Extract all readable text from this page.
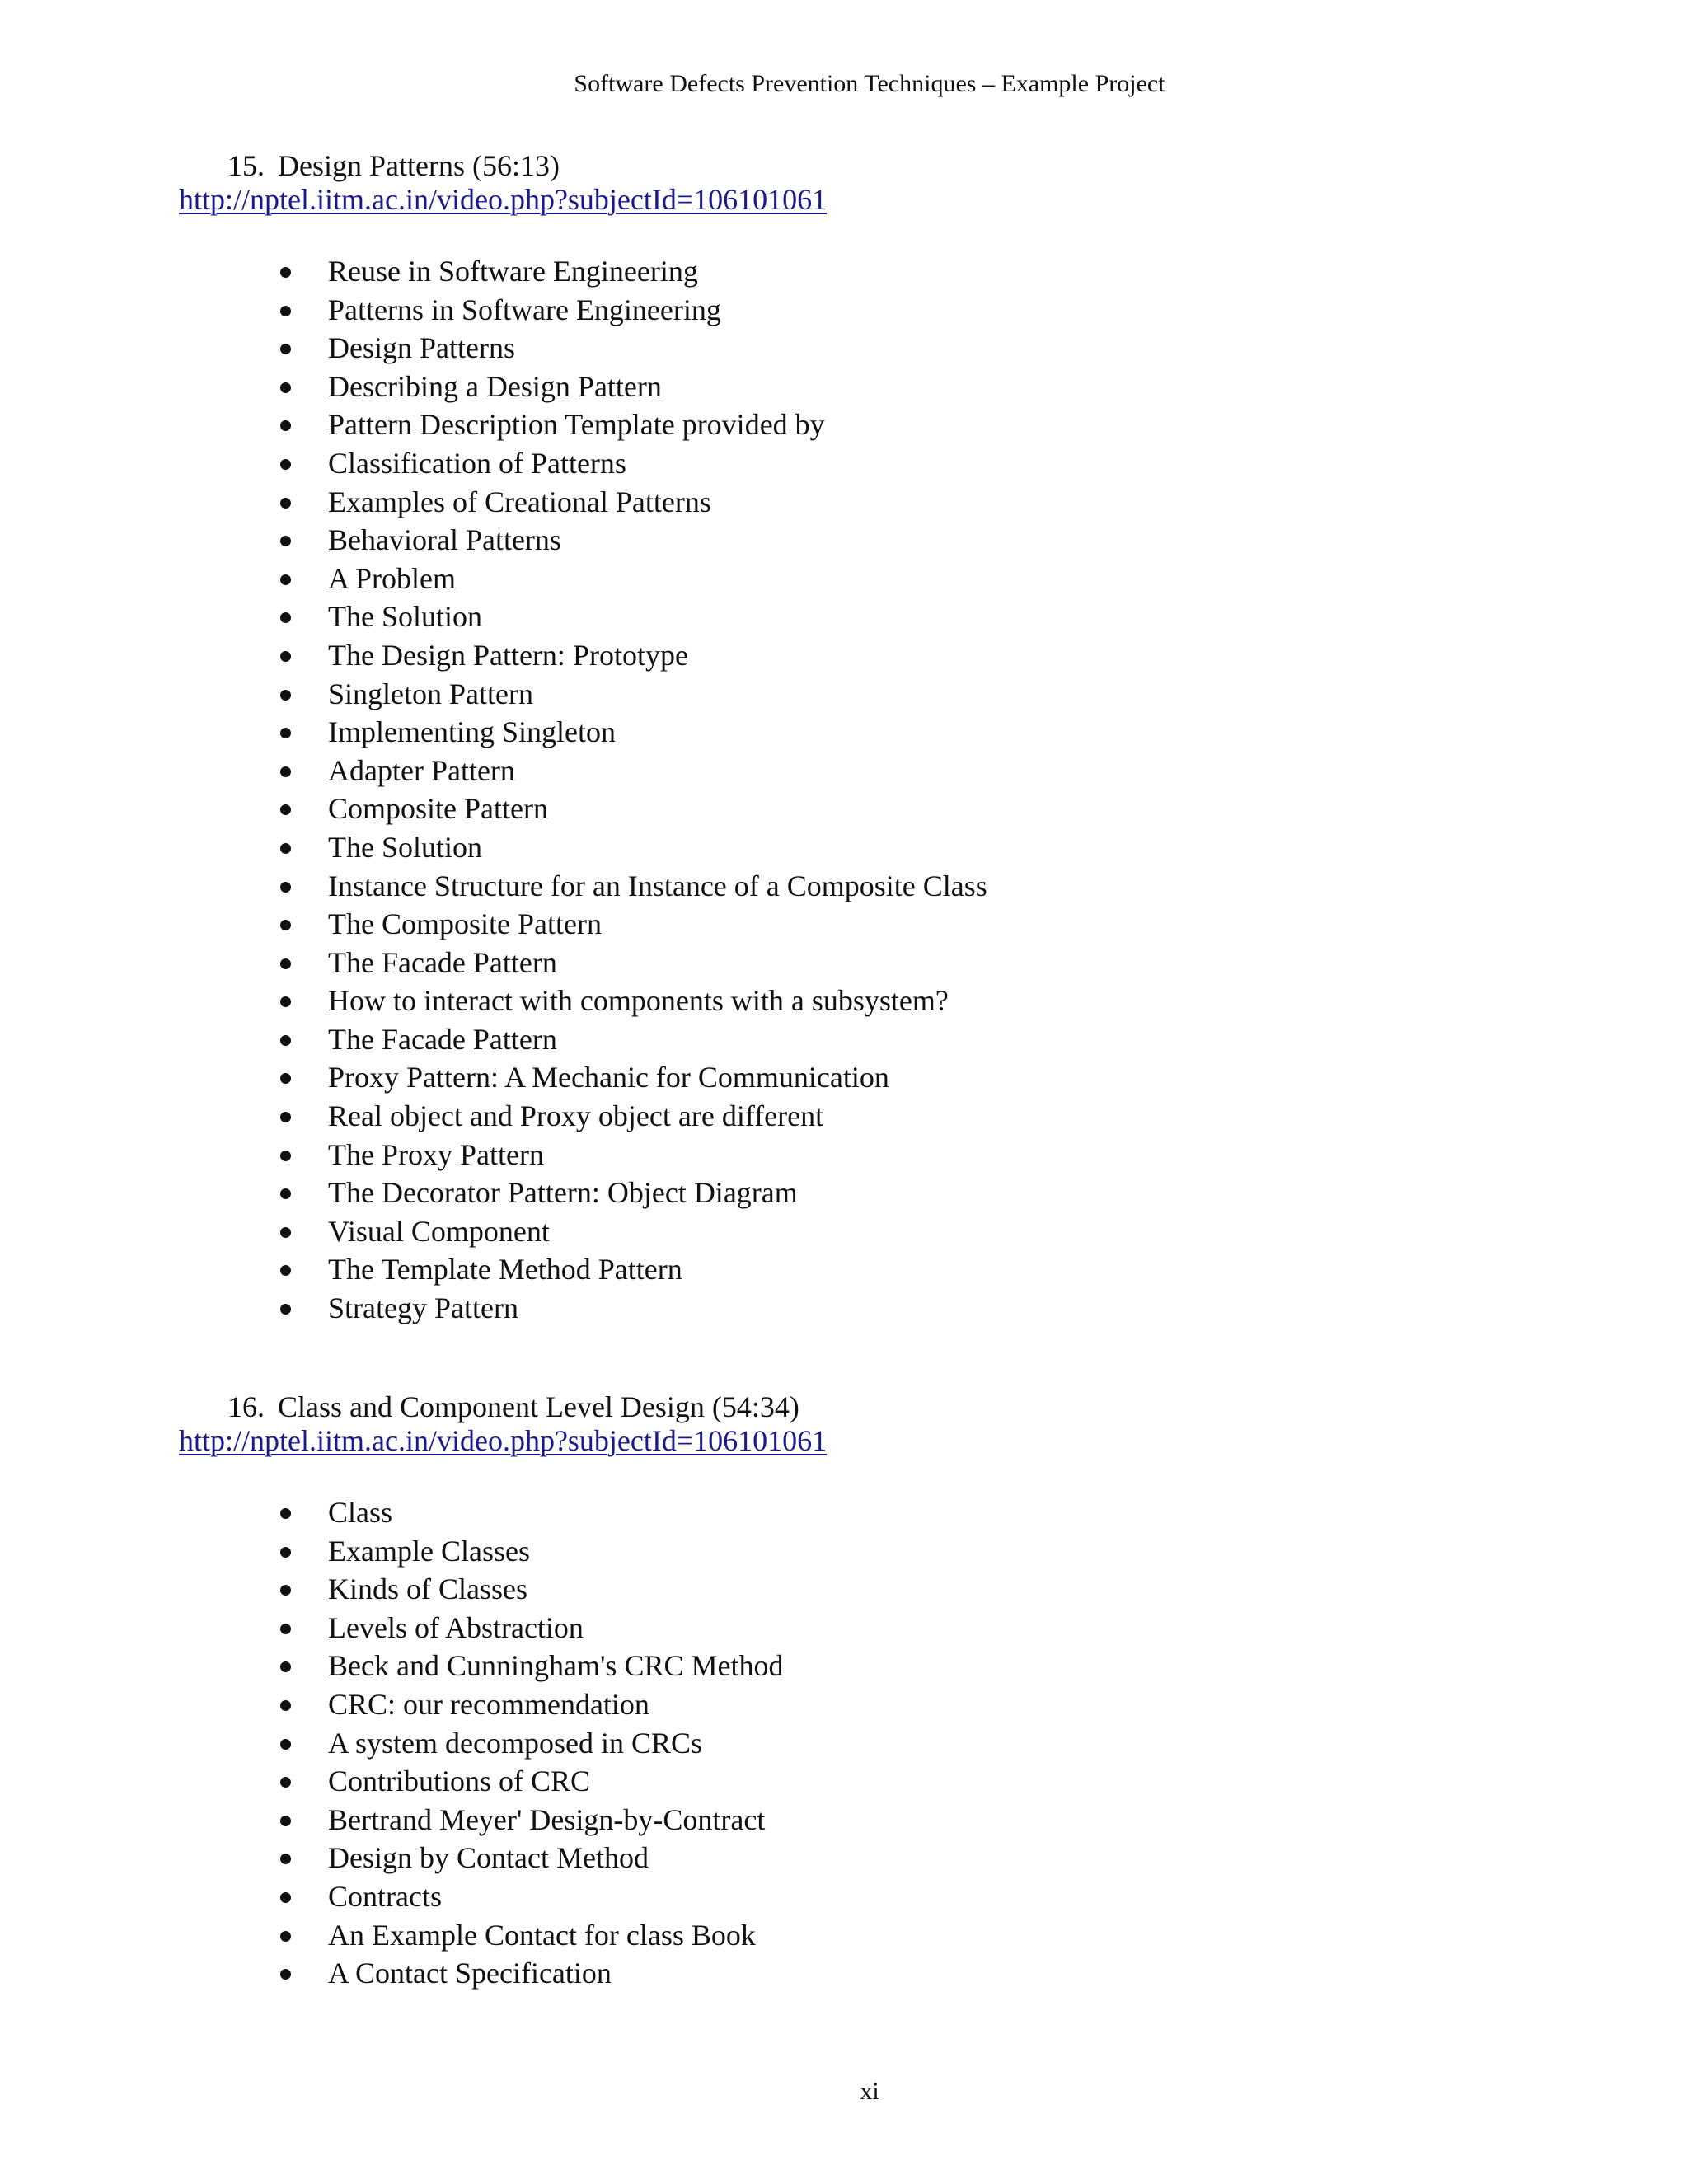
Software Defects Prevention Techniques – Example Project
15. Design Patterns (56:13)
http://nptel.iitm.ac.in/video.php?subjectId=106101061
Reuse in Software Engineering
Patterns in Software Engineering
Design Patterns
Describing a Design Pattern
Pattern Description Template provided by
Classification of Patterns
Examples of Creational Patterns
Behavioral Patterns
A Problem
The Solution
The Design Pattern: Prototype
Singleton Pattern
Implementing Singleton
Adapter Pattern
Composite Pattern
The Solution
Instance Structure for an Instance of a Composite Class
The Composite Pattern
The Facade Pattern
How to interact with components with a subsystem?
The Facade Pattern
Proxy Pattern: A Mechanic for Communication
Real object and Proxy object are different
The Proxy Pattern
The Decorator Pattern: Object Diagram
Visual Component
The Template Method Pattern
Strategy Pattern
16. Class and Component Level Design (54:34)
http://nptel.iitm.ac.in/video.php?subjectId=106101061
Class
Example Classes
Kinds of Classes
Levels of Abstraction
Beck and Cunningham's CRC Method
CRC: our recommendation
A system decomposed in CRCs
Contributions of CRC
Bertrand Meyer' Design-by-Contract
Design by Contact Method
Contracts
An Example Contact for class Book
A Contact Specification
xi
